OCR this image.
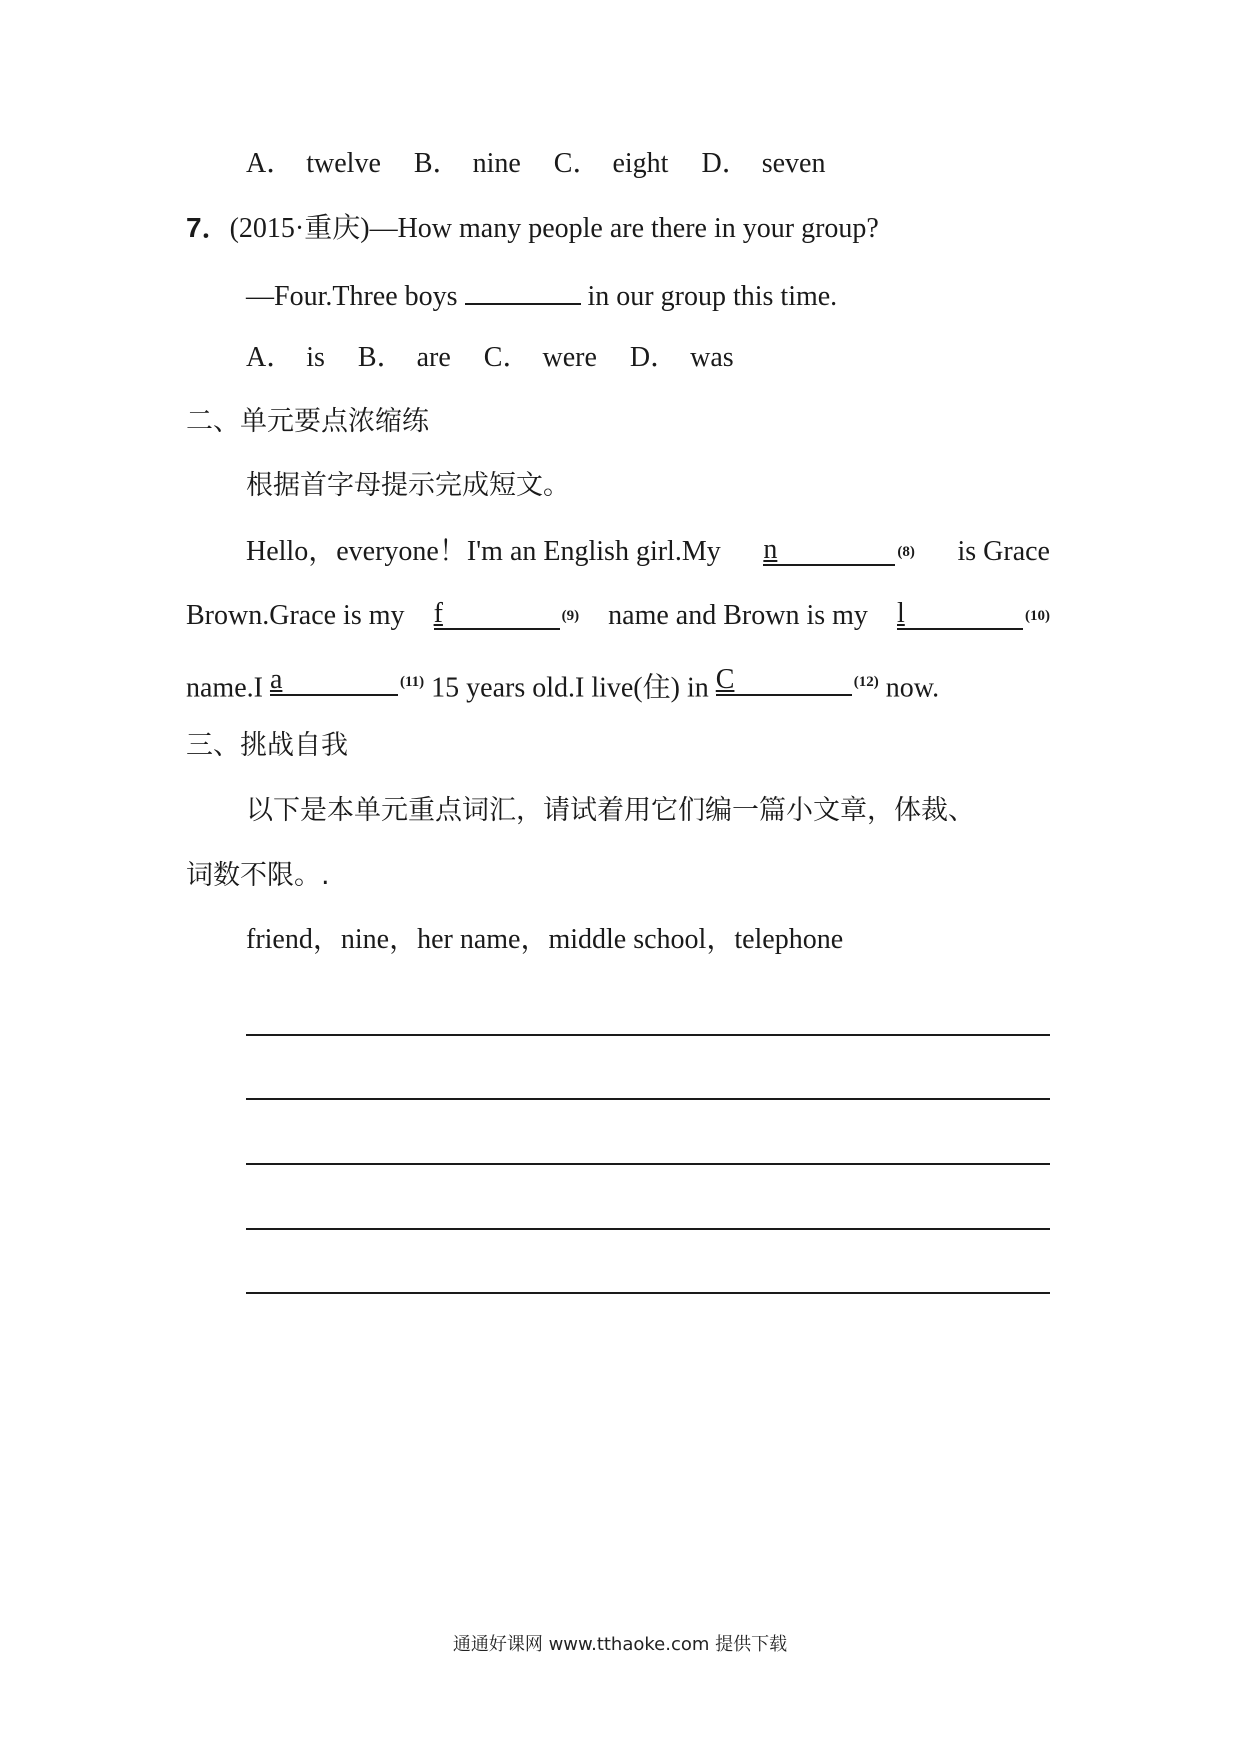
A． twelve B． nine C． eight D． seven
7．(2015·重庆)—How many people are there in your group?
—Four.Three boys	in our group this time.
A． is B． are C． were D． was
二、单元要点浓缩练
根据首字母提示完成短文。
Hello，everyone！I'm an English girl.My n	$^{(8)}$ is Grace
Brown.Grace is my f	$^{(9)}$ name and Brown is my l	$^{(10)}$
name.I a	$^{(11)}$ 15 years old.I live(住) in C	$^{(12)}$ now.
三、挑战自我
以下是本单元重点词汇，请试着用它们编一篇小文章，体裁、
词数不限。.
friend，nine，her name，middle school，telephone
通通好课网 www.tthaoke.com 提供下载
